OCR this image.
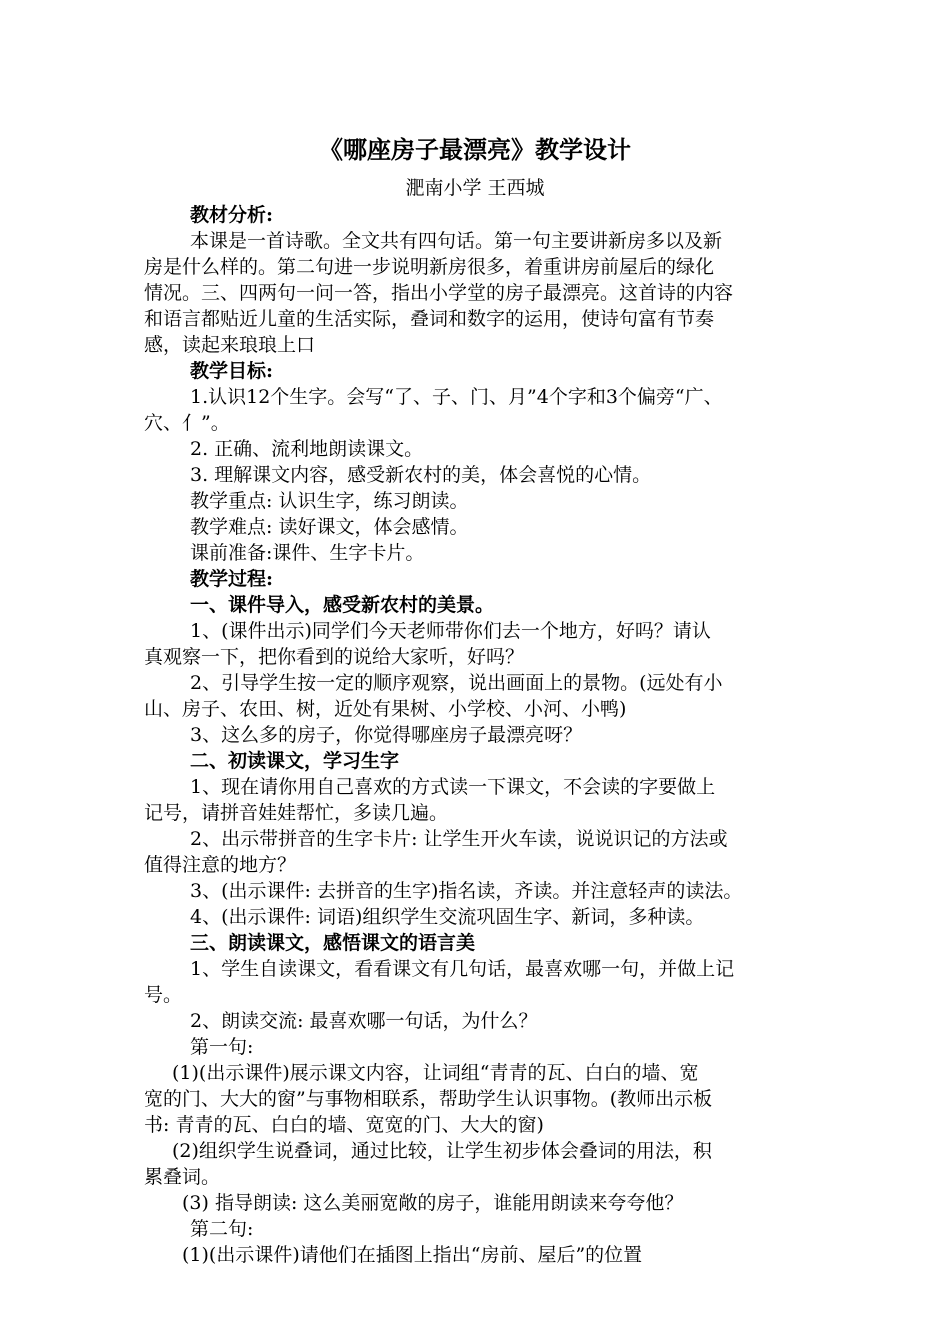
《哪座房子最漂亮》教学设计
淝南小学 王西城
教材分析:
本课是一首诗歌。全文共有四句话。第一句主要讲新房多以及新
房是什么样的。第二句进一步说明新房很多，着重讲房前屋后的绿化
情况。三、四两句一问一答，指出小学堂的房子最漂亮。这首诗的内容
和语言都贴近儿童的生活实际，叠词和数字的运用，使诗句富有节奏
感，读起来琅琅上口
教学目标:
1.认识12个生字。会写“了、子、门、月”4个字和3个偏旁“广、
穴、亻”。
2. 正确、流利地朗读课文。
3. 理解课文内容，感受新农村的美，体会喜悦的心情。
教学重点: 认识生字，练习朗读。
教学难点: 读好课文，体会感情。
课前准备:课件、生字卡片。
教学过程:
一、课件导入，感受新农村的美景。
1、(课件出示)同学们今天老师带你们去一个地方，好吗？请认
真观察一下，把你看到的说给大家听，好吗？
2、引导学生按一定的顺序观察，说出画面上的景物。(远处有小
山、房子、农田、树，近处有果树、小学校、小河、小鸭)
3、这么多的房子，你觉得哪座房子最漂亮呀？
二、初读课文，学习生字
1、现在请你用自己喜欢的方式读一下课文，不会读的字要做上
记号，请拼音娃娃帮忙，多读几遍。
2、出示带拼音的生字卡片: 让学生开火车读，说说识记的方法或
值得注意的地方？
3、(出示课件: 去拼音的生字)指名读，齐读。并注意轻声的读法。
4、(出示课件: 词语)组织学生交流巩固生字、新词，多种读。
三、朗读课文，感悟课文的语言美
1、学生自读课文，看看课文有几句话，最喜欢哪一句，并做上记
号。
2、朗读交流: 最喜欢哪一句话，为什么？
第一句:
(1)(出示课件)展示课文内容，让词组“青青的瓦、白白的墙、宽
宽的门、大大的窗”与事物相联系，帮助学生认识事物。(教师出示板
书: 青青的瓦、白白的墙、宽宽的门、大大的窗)
(2)组织学生说叠词，通过比较，让学生初步体会叠词的用法，积
累叠词。
(3) 指导朗读: 这么美丽宽敞的房子，谁能用朗读来夸夸他？
第二句:
(1)(出示课件)请他们在插图上指出“房前、屋后”的位置
